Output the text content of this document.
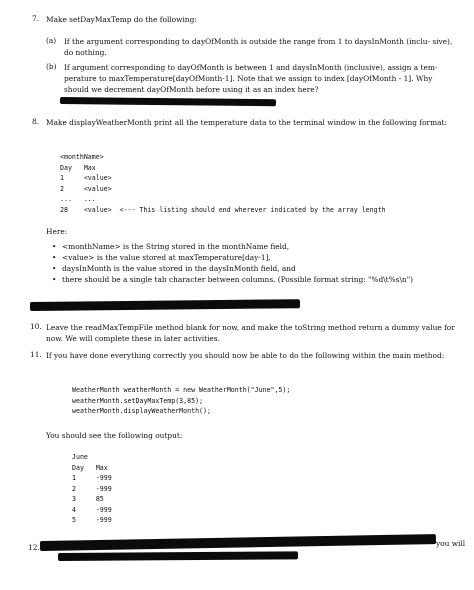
7. Make setDayMaxTemp do the following:
(a) If the argument corresponding to dayOfMonth is outside the range from 1 to daysInMonth (inclu- sive), do nothing.
(b) If argument corresponding to dayOfMonth is between 1 and daysInMonth (inclusive), assign a tem- perature to maxTemperature[dayOfMonth-1]. Note that we assign to index [dayOfMonth - 1]. Why should we decrement dayOfMonth before using it as an index here?
8. Make displayWeatherMonth print all the temperature data to the terminal window in the following format:
<monthName>
Day   Max
1     <value>
2     <value>
...   ...
28    <value>  <--- This listing should end wherever indicated by the array length
Here:
• <monthName> is the String stored in the monthName field,
• <value> is the value stored at maxTemperature[day-1],
• daysInMonth is the value stored in the daysInMonth field, and
• there should be a single tab character between columns. (Possible format string: "%d\t%s\n")
10. Leave the readMaxTempFile method blank for now, and make the toString method return a dummy value for now. We will complete these in later activities.
11. If you have done everything correctly you should now be able to do the following within the main method:
WeatherMonth weatherMonth = new WeatherMonth("June",5);
weatherMonth.setDayMaxTemp(3,85);
weatherMonth.displayWeatherMonth();
You should see the following output:
June
Day   Max
1     -999
2     -999
3     85
4     -999
5     -999
12.	you will
